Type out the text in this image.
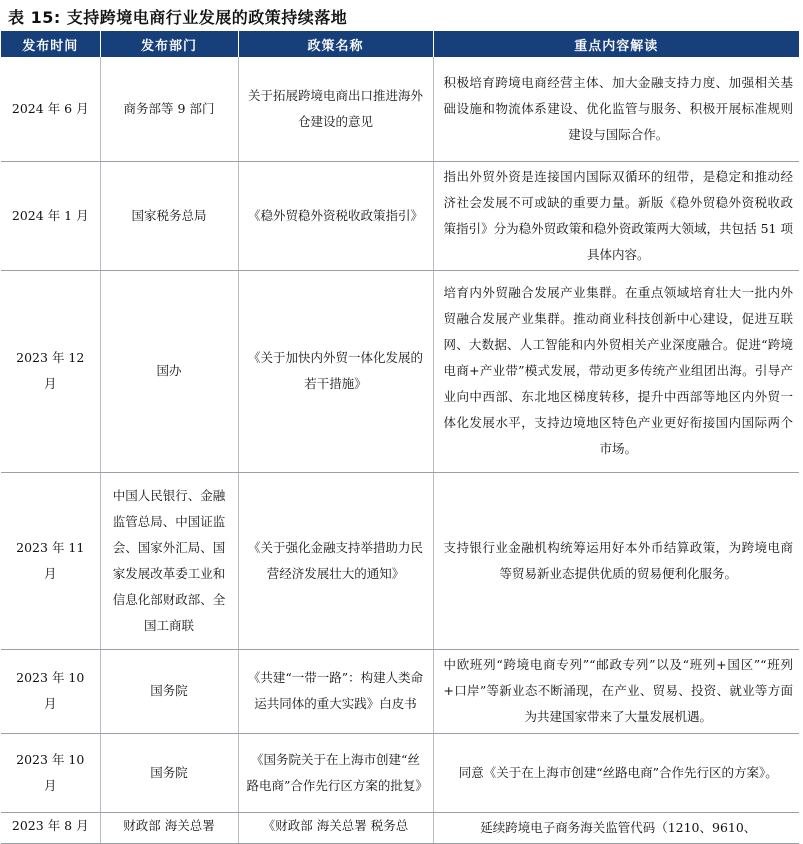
表 15: 支持跨境电商行业发展的政策持续落地
发布时间	发布部门	政策名称	重点内容解读
2024 年 6 月	商务部等 9 部门	关于拓展跨境电商出口推进海外仓建设的意见	积极培育跨境电商经营主体、加大金融支持力度、加强相关基础设施和物流体系建设、优化监管与服务、积极开展标准规则建设与国际合作。
2024 年 1 月	国家税务总局	《稳外贸稳外资税收政策指引》	指出外贸外资是连接国内国际双循环的纽带，是稳定和推动经济社会发展不可或缺的重要力量。新版《稳外贸稳外资税收政策指引》分为稳外贸政策和稳外资政策两大领域，共包括 51 项具体内容。
2023 年 12 月	国办	《关于加快内外贸一体化发展的若干措施》	培育内外贸融合发展产业集群。在重点领域培育壮大一批内外贸融合发展产业集群。推动商业科技创新中心建设，促进互联网、大数据、人工智能和内外贸相关产业深度融合。促进“跨境电商+产业带”模式发展，带动更多传统产业组团出海。引导产业向中西部、东北地区梯度转移，提升中西部等地区内外贸一体化发展水平，支持边境地区特色产业更好衔接国内国际两个市场。
2023 年 11 月	中国人民银行、金融监管总局、中国证监会、国家外汇局、国家发展改革委工业和信息化部财政部、全国工商联	《关于强化金融支持举措助力民营经济发展壮大的通知》	支持银行业金融机构统筹运用好本外币结算政策，为跨境电商等贸易新业态提供优质的贸易便利化服务。
2023 年 10 月	国务院	《共建“一带一路”：构建人类命运共同体的重大实践》白皮书	中欧班列“跨境电商专列”“邮政专列”以及“班列+国区”“班列+口岸”等新业态不断涌现，在产业、贸易、投资、就业等方面为共建国家带来了大量发展机遇。
2023 年 10 月	国务院	《国务院关于在上海市创建“丝路电商”合作先行区方案的批复》	同意《关于在上海市创建“丝路电商”合作先行区的方案》。
2023 年 8 月	财政部 海关总署	《财政部 海关总署 税务总	延续跨境电子商务海关监管代码（1210、9610、
